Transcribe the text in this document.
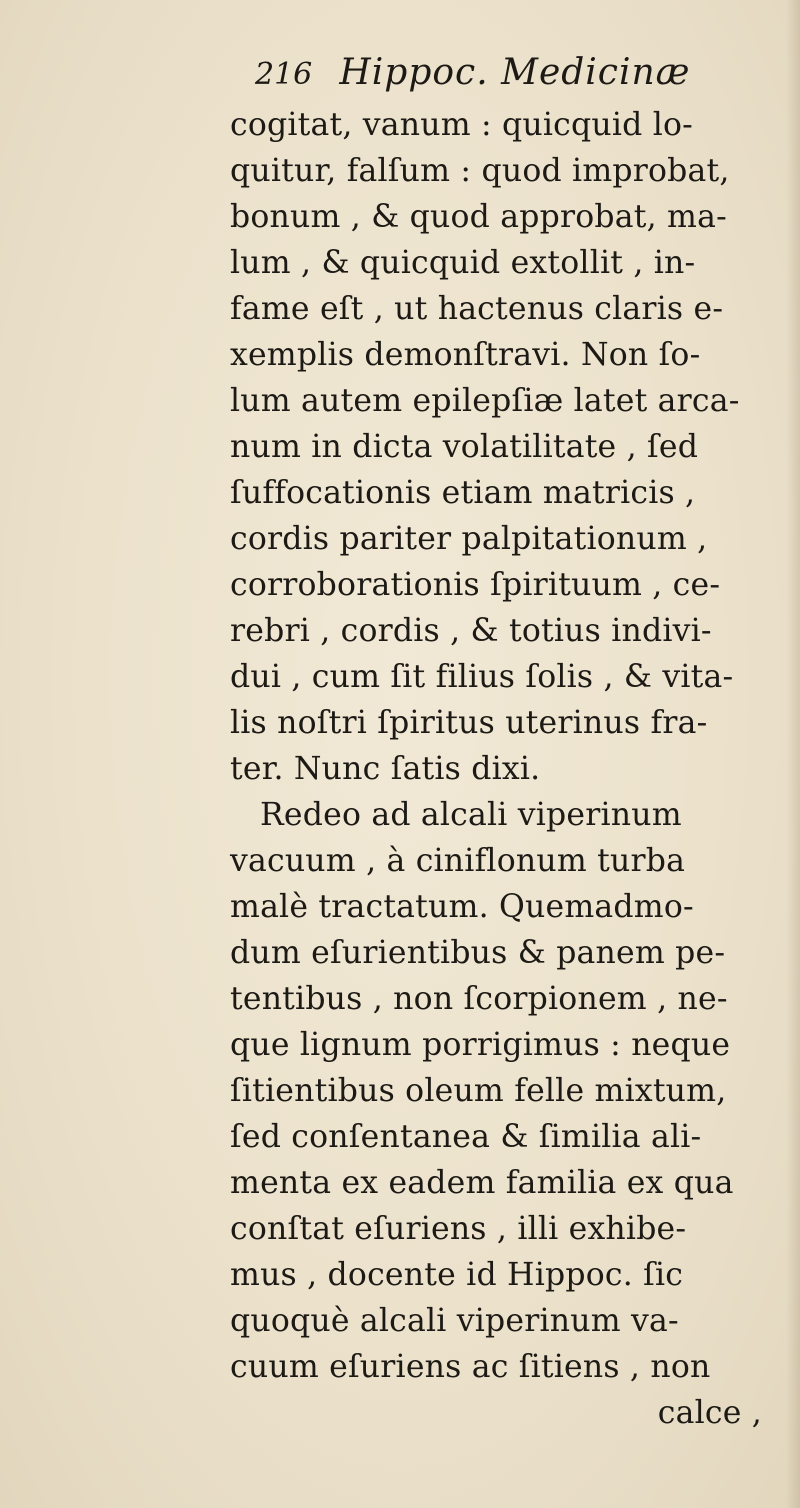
216 Hippoc. Medicinæ
cogitat, vanum : quicquid lo-
quitur, falſum : quod improbat,
bonum , & quod approbat, ma-
lum , & quicquid extollit , in-
fame eſt , ut hactenus claris e-
xemplis demonſtravi. Non ſo-
lum autem epilepſiæ latet arca-
num in dicta volatilitate , ſed
ſuffocationis etiam matricis ,
cordis pariter palpitationum ,
corroborationis ſpirituum , ce-
rebri , cordis , & totius indivi-
dui , cum ſit filius ſolis , & vita-
lis noſtri ſpiritus uterinus fra-
ter. Nunc ſatis dixi.
Redeo ad alcali viperinum
vacuum , à ciniflonum turba
malè tractatum. Quemadmo-
dum eſurientibus & panem pe-
tentibus , non ſcorpionem , ne-
que lignum porrigimus : neque
ſitientibus oleum felle mixtum,
ſed conſentanea & ſimilia ali-
menta ex eadem familia ex qua
conſtat eſuriens , illi exhibe-
mus , docente id Hippoc. ſic
quoquè alcali viperinum va-
cuum eſuriens ac ſitiens , non
calce ,
